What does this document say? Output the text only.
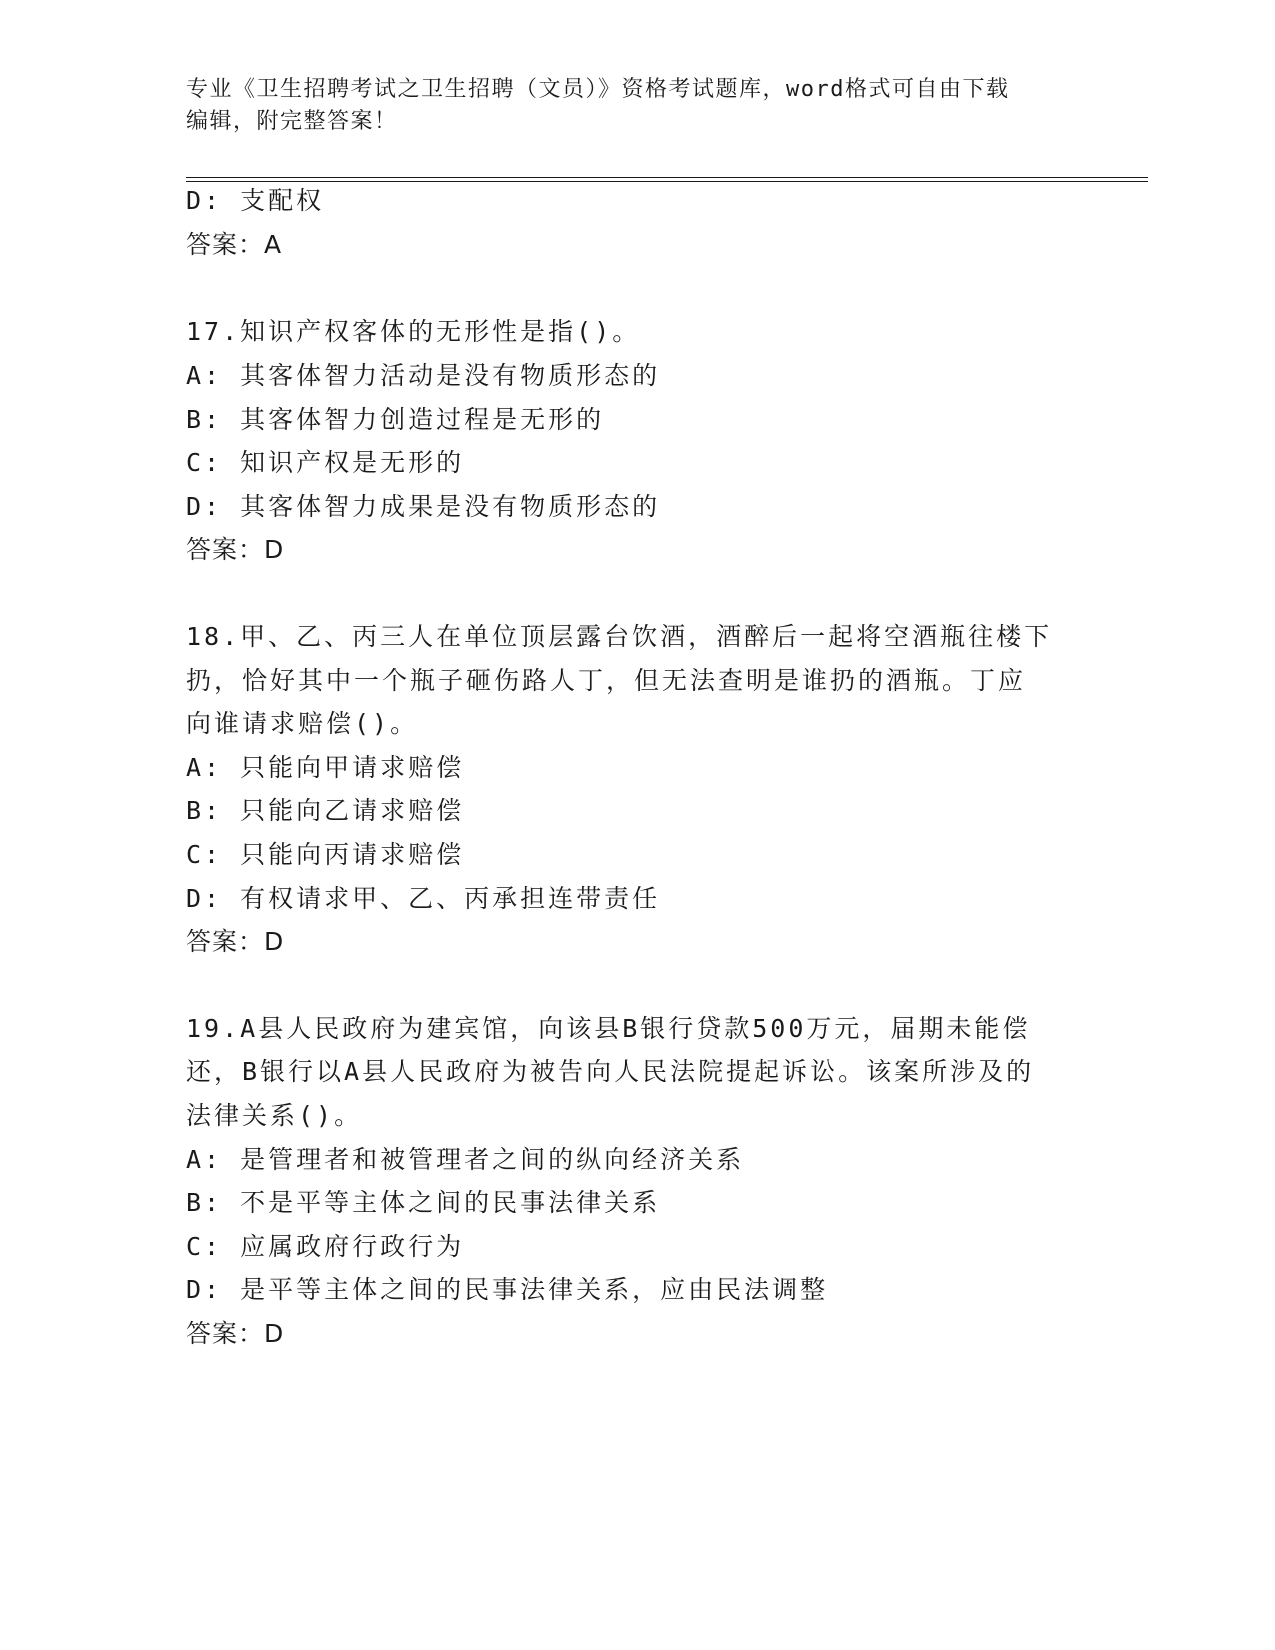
专业《卫生招聘考试之卫生招聘（文员）》资格考试题库，word格式可自由下载
编辑，附完整答案！
D: 支配权
答案：A
17.知识产权客体的无形性是指()。
A: 其客体智力活动是没有物质形态的
B: 其客体智力创造过程是无形的
C: 知识产权是无形的
D: 其客体智力成果是没有物质形态的
答案：D
18.甲、乙、丙三人在单位顶层露台饮酒，酒醉后一起将空酒瓶往楼下
扔，恰好其中一个瓶子砸伤路人丁，但无法查明是谁扔的酒瓶。丁应
向谁请求赔偿()。
A: 只能向甲请求赔偿
B: 只能向乙请求赔偿
C: 只能向丙请求赔偿
D: 有权请求甲、乙、丙承担连带责任
答案：D
19.A县人民政府为建宾馆，向该县B银行贷款500万元，届期未能偿
还，B银行以A县人民政府为被告向人民法院提起诉讼。该案所涉及的
法律关系()。
A: 是管理者和被管理者之间的纵向经济关系
B: 不是平等主体之间的民事法律关系
C: 应属政府行政行为
D: 是平等主体之间的民事法律关系，应由民法调整
答案：D
